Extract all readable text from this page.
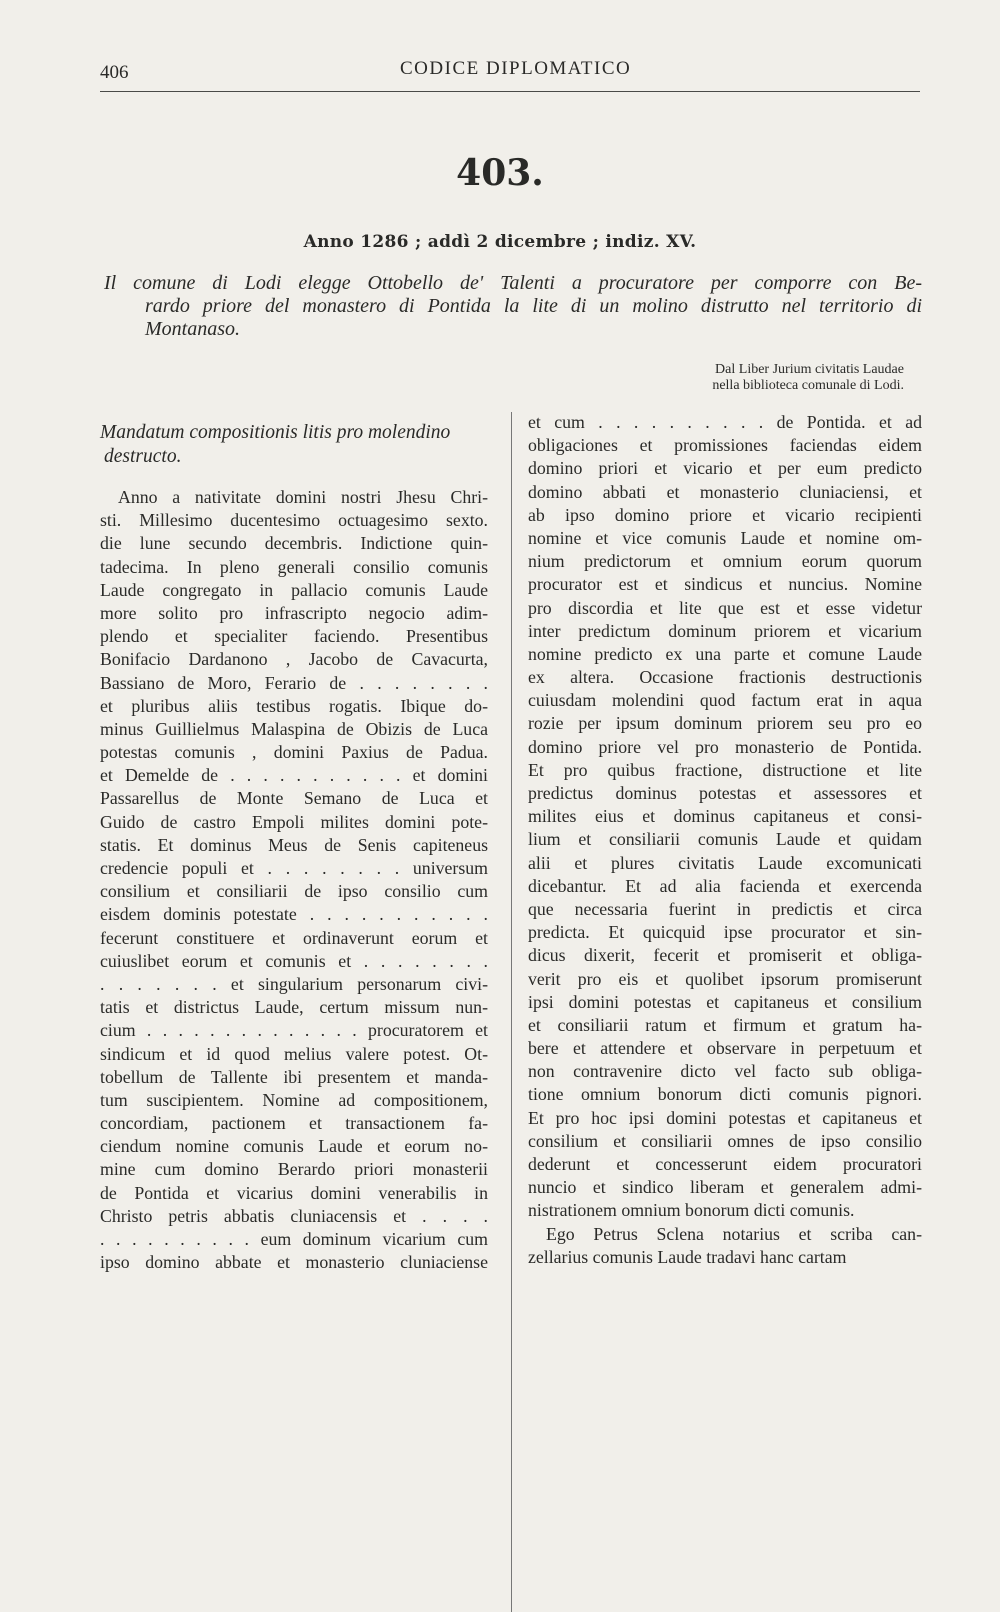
406	CODICE DIPLOMATICO
403.
Anno 1286 ; addì 2 dicembre ; indiz. XV.
Il comune di Lodi elegge Ottobello de' Talenti a procuratore per comporre con Be-
rardo priore del monastero di Pontida la lite di un molino distrutto nel territorio di
Montanaso.
Dal Liber Jurium civitatis Laudae
nella biblioteca comunale di Lodi.
Mandatum compositionis litis pro molendino
destructo.
Anno a nativitate domini nostri Jhesu Chri-
sti. Millesimo ducentesimo octuagesimo sexto.
die lune secundo decembris. Indictione quin-
tadecima. In pleno generali consilio comunis
Laude congregato in pallacio comunis Laude
more solito pro infrascripto negocio adim-
plendo et specialiter faciendo. Presentibus
Bonifacio Dardanono , Jacobo de Cavacurta,
Bassiano de Moro, Ferario de . . . . . . . .
et pluribus aliis testibus rogatis. Ibique do-
minus Guillielmus Malaspina de Obizis de Luca
potestas comunis , domini Paxius de Padua.
et Demelde de . . . . . . . . . . . et domini
Passarellus de Monte Semano de Luca et
Guido de castro Empoli milites domini pote-
statis. Et dominus Meus de Senis capiteneus
credencie populi et . . . . . . . . universum
consilium et consiliarii de ipso consilio cum
eisdem dominis potestate . . . . . . . . . . .
fecerunt constituere et ordinaverunt eorum et
cuiuslibet eorum et comunis et . . . . . . . .
. . . . . . . et singularium personarum civi-
tatis et districtus Laude, certum missum nun-
cium . . . . . . . . . . . . . . procuratorem et
sindicum et id quod melius valere potest. Ot-
tobellum de Tallente ibi presentem et manda-
tum suscipientem. Nomine ad compositionem,
concordiam, pactionem et transactionem fa-
ciendum nomine comunis Laude et eorum no-
mine cum domino Berardo priori monasterii
de Pontida et vicarius domini venerabilis in
Christo petris abbatis cluniacensis et . . . .
. . . . . . . . . . eum dominum vicarium cum
ipso domino abbate et monasterio cluniaciense
et cum . . . . . . . . . . de Pontida. et ad
obligaciones et promissiones faciendas eidem
domino priori et vicario et per eum predicto
domino abbati et monasterio cluniaciensi, et
ab ipso domino priore et vicario recipienti
nomine et vice comunis Laude et nomine om-
nium predictorum et omnium eorum quorum
procurator est et sindicus et nuncius. Nomine
pro discordia et lite que est et esse videtur
inter predictum dominum priorem et vicarium
nomine predicto ex una parte et comune Laude
ex altera. Occasione fractionis destructionis
cuiusdam molendini quod factum erat in aqua
rozie per ipsum dominum priorem seu pro eo
domino priore vel pro monasterio de Pontida.
Et pro quibus fractione, distructione et lite
predictus dominus potestas et assessores et
milites eius et dominus capitaneus et consi-
lium et consiliarii comunis Laude et quidam
alii et plures civitatis Laude excomunicati
dicebantur. Et ad alia facienda et exercenda
que necessaria fuerint in predictis et circa
predicta. Et quicquid ipse procurator et sin-
dicus dixerit, fecerit et promiserit et obliga-
verit pro eis et quolibet ipsorum promiserunt
ipsi domini potestas et capitaneus et consilium
et consiliarii ratum et firmum et gratum ha-
bere et attendere et observare in perpetuum et
non contravenire dicto vel facto sub obliga-
tione omnium bonorum dicti comunis pignori.
Et pro hoc ipsi domini potestas et capitaneus et
consilium et consiliarii omnes de ipso consilio
dederunt et concesserunt eidem procuratori
nuncio et sindico liberam et generalem admi-
nistrationem omnium bonorum dicti comunis.
Ego Petrus Sclena notarius et scriba can-
zellarius comunis Laude tradavi hanc cartam
